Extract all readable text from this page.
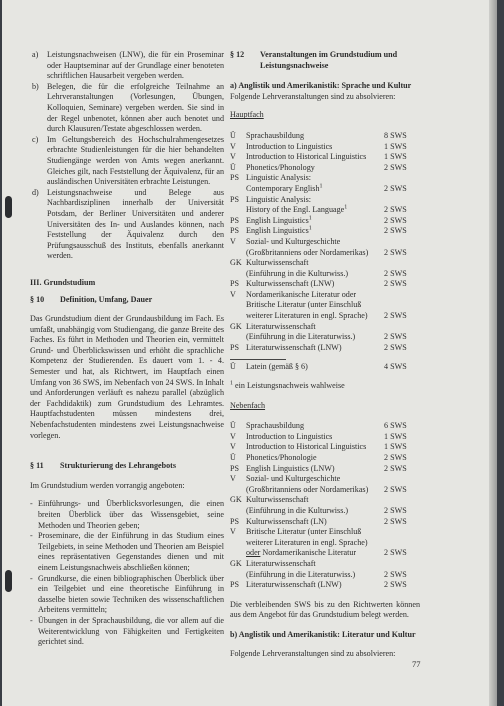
a)	Leistungsnachweisen (LNW), die für ein Proseminar oder Hauptseminar auf der Grundlage einer benoteten schriftlichen Hausarbeit vergeben werden.
b)	Belegen, die für die erfolgreiche Teilnahme an Lehrveranstaltungen (Vorlesungen, Übungen, Kolloquien, Seminare) vergeben werden. Sie sind in der Regel unbenotet, können aber auch benotet und durch Klausuren/Testate abgeschlossen werden.
c)	Im Geltungsbereich des Hochschulrahmengesetzes erbrachte Studienleistungen für die hier behandelten Studiengänge werden von Amts wegen anerkannt. Gleiches gilt, nach Feststellung der Äquivalenz, für an ausländischen Universitäten erbrachte Leistungen.
d)	Leistungsnachweise und Belege aus Nachbardisziplinen innerhalb der Universität Potsdam, der Berliner Universitäten und anderer Universitäten des In- und Auslandes können, nach Feststellung der Äquivalenz durch den Prüfungsausschuß des Instituts, ebenfalls anerkannt werden.
III. Grundstudium
§ 10	Definition, Umfang, Dauer

Das Grundstudium dient der Grundausbildung im Fach. Es umfaßt, unabhängig vom Studiengang, die ganze Breite des Faches. Es führt in Methoden und Theorien ein, vermittelt Grund- und Überblickswissen und erhöht die sprachliche Kompetenz der Studierenden. Es dauert vom 1. - 4. Semester und hat, als Richtwert, im Hauptfach einen Umfang von 36 SWS, im Nebenfach von 24 SWS. In Inhalt und Anforderungen verläuft es nahezu parallel (abzüglich der Fachdidaktik) zum Grundstudium des Lehramtes. Hauptfachstudenten müssen mindestens drei, Nebenfachstudenten mindestens zwei Leistungsnachweise vorlegen.

§ 11	Strukturierung des Lehrangebots

Im Grundstudium werden vorrangig angeboten:

- Einführungs- und Überblicksvorlesungen, die einen breiten Überblick über das Wissensgebiet, seine Methoden und Theorien geben;
- Proseminare, die der Einführung in das Studium eines Teilgebiets, in seine Methoden und Theorien am Beispiel eines repräsentativen Gegenstandes dienen und mit einem Leistungsnachweis abschließen können;
- Grundkurse, die einen bibliographischen Überblick über ein Teilgebiet und eine theoretische Einführung in dasselbe bieten sowie Techniken des wissenschaftlichen Arbeitens vermitteln;
- Übungen in der Sprachausbildung, die vor allem auf die Weiterentwicklung von Fähigkeiten und Fertigkeiten gerichtet sind.
§ 12	Veranstaltungen im Grundstudium und Leistungsnachweise
a) Anglistik und Amerikanistik: Sprache und Kultur
Folgende Lehrveranstaltungen sind zu absolvieren:
Hauptfach
Ü	Sprachausbildung	8 SWS
V	Introduction to Linguistics	1 SWS
V	Introduction to Historical Linguistics	1 SWS
Ü	Phonetics/Phonology	2 SWS
PS Linguistic Analysis:
Contemporary English$^1$	2 SWS
PS Linguistic Analysis:
History of the Engl. Language$^1$	2 SWS
PS English Linguistics$^1$	2 SWS
PS English Linguistics$^1$	2 SWS
V	Sozial- und Kulturgeschichte
(Großbritanniens oder Nordamerikas)	2 SWS
GK Kulturwissenschaft
(Einführung in die Kulturwiss.)	2 SWS
PS Kulturwissenschaft (LNW)	2 SWS
V	Nordamerikanische Literatur oder
Britische Literatur (unter Einschluß
weiterer Literaturen in engl. Sprache)	2 SWS
GK Literaturwissenschaft
(Einführung in die Literaturwiss.)	2 SWS
PS Literaturwissenschaft (LNW)	2 SWS
Ü	Latein (gemäß § 6)	4 SWS
$^1$ ein Leistungsnachweis wahlweise
Nebenfach
Ü	Sprachausbildung	6 SWS
V	Introduction to Linguistics	1 SWS
V	Introduction to Historical Linguistics	1 SWS
Ü	Phonetics/Phonologie	2 SWS
PS English Linguistics (LNW)	2 SWS
V	Sozial- und Kulturgeschichte
(Großbritanniens oder Nordamerikas)	2 SWS
GK Kulturwissenschaft
(Einführung in die Kulturwiss.)	2 SWS
PS Kulturwissenschaft (LN)	2 SWS
V	Britische Literatur (unter Einschluß
weiterer Literaturen in engl. Sprache)
oder Nordamerikanische Literatur	2 SWS
GK Literaturwissenschaft
(Einführung in die Literaturwiss.)	2 SWS
PS Literaturwissenschaft (LNW)	2 SWS

Die verbleibenden SWS bis zu den Richtwerten können aus dem Angebot für das Grundstudium belegt werden.

b) Anglistik und Amerikanistik: Literatur und Kultur
Folgende Lehrveranstaltungen sind zu absolvieren:
77
